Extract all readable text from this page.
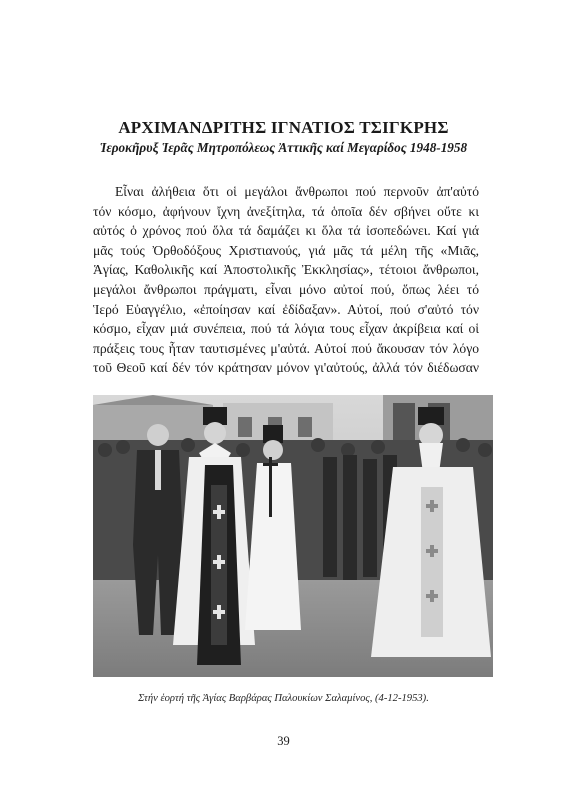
ΑΡΧΙΜΑΝΔΡΙΤΗΣ ΙΓΝΑΤΙΟΣ ΤΣΙΓΚΡΗΣ
Ἱεροκῆρυξ Ἱερᾶς Μητροπόλεως Ἀττικῆς καί Μεγαρίδος 1948-1958
Εἶναι ἀλήθεια ὅτι οἱ μεγάλοι ἄνθρωποι πού περνοῦν ἀπ'αὐτό
τόν κόσμο, ἀφήνουν ἴχνη ἀνεξίτηλα, τά ὁποῖα δέν σβήνει οὔτε κι
αὐτός ὁ χρόνος πού ὅλα τά δαμάζει κι ὅλα τά ἰσοπεδώνει. Καί γιά
μᾶς τούς Ὀρθοδόξους Χριστιανούς, γιά μᾶς τά μέλη τῆς «Μιᾶς,
Ἁγίας, Καθολικῆς καί Ἀποστολικῆς Ἐκκλησίας», τέτοιοι ἄνθρωποι,
μεγάλοι ἄνθρωποι πράγματι, εἶναι μόνο αὐτοί πού, ὅπως λέει τό
Ἱερό Εὐαγγέλιο, «ἐποίησαν καί ἐδίδαξαν». Αὐτοί, πού σ'αὐτό τόν
κόσμο, εἶχαν μιά συνέπεια, πού τά λόγια τους εἶχαν ἀκρίβεια καί οἱ
πράξεις τους ἦταν ταυτισμένες μ'αὐτά. Αὐτοί πού ἄκουσαν τόν λόγο
τοῦ Θεοῦ καί δέν τόν κράτησαν μόνον γι'αὐτούς, ἀλλά τόν διέδωσαν
Στήν ἑορτή τῆς Ἁγίας Βαρβάρας Παλουκίων Σαλαμίνος, (4-12-1953).
39
